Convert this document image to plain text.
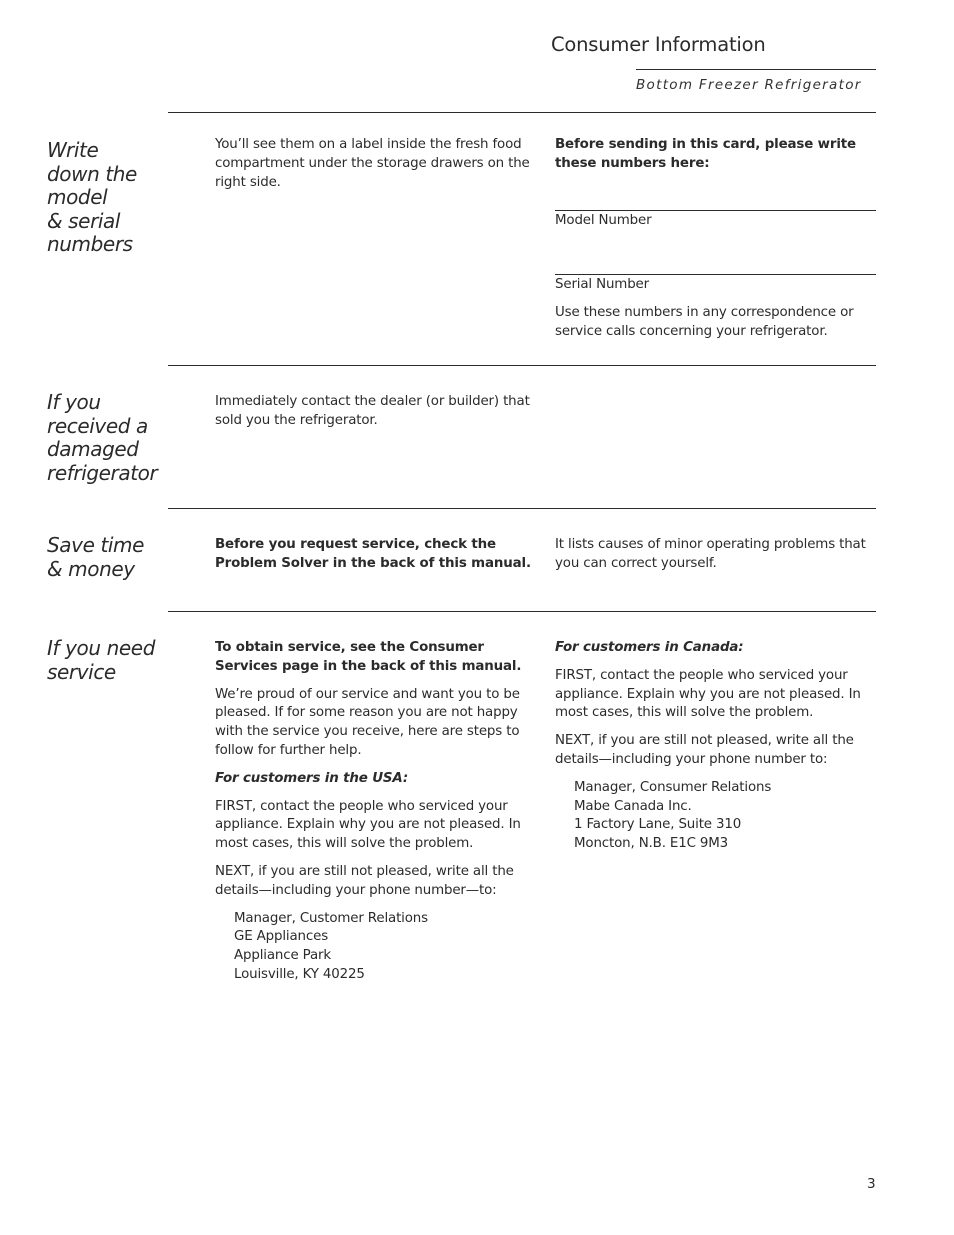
Consumer Information
Bottom Freezer Refrigerator
Write
down the
model
& serial
numbers

You’ll see them on a label inside the fresh food compartment under the storage drawers on the right side.

Before sending in this card, please write these numbers here:

Model Number

Serial Number

Use these numbers in any correspondence or service calls concerning your refrigerator.

If you
received a
damaged
refrigerator

Immediately contact the dealer (or builder) that sold you the refrigerator.

Save time
& money

Before you request service, check the Problem Solver in the back of this manual.

It lists causes of minor operating problems that you can correct yourself.

If you need
service

To obtain service, see the Consumer Services page in the back of this manual.

We’re proud of our service and want you to be pleased. If for some reason you are not happy with the service you receive, here are steps to follow for further help.

For customers in the USA:

FIRST, contact the people who serviced your appliance. Explain why you are not pleased. In most cases, this will solve the problem.

NEXT, if you are still not pleased, write all the details—including your phone number—to:

Manager, Customer Relations
GE Appliances
Appliance Park
Louisville, KY 40225

For customers in Canada:

FIRST, contact the people who serviced your appliance. Explain why you are not pleased. In most cases, this will solve the problem.

NEXT, if you are still not pleased, write all the details—including your phone number to:

Manager, Consumer Relations
Mabe Canada Inc.
1 Factory Lane, Suite 310
Moncton, N.B. E1C 9M3
3
